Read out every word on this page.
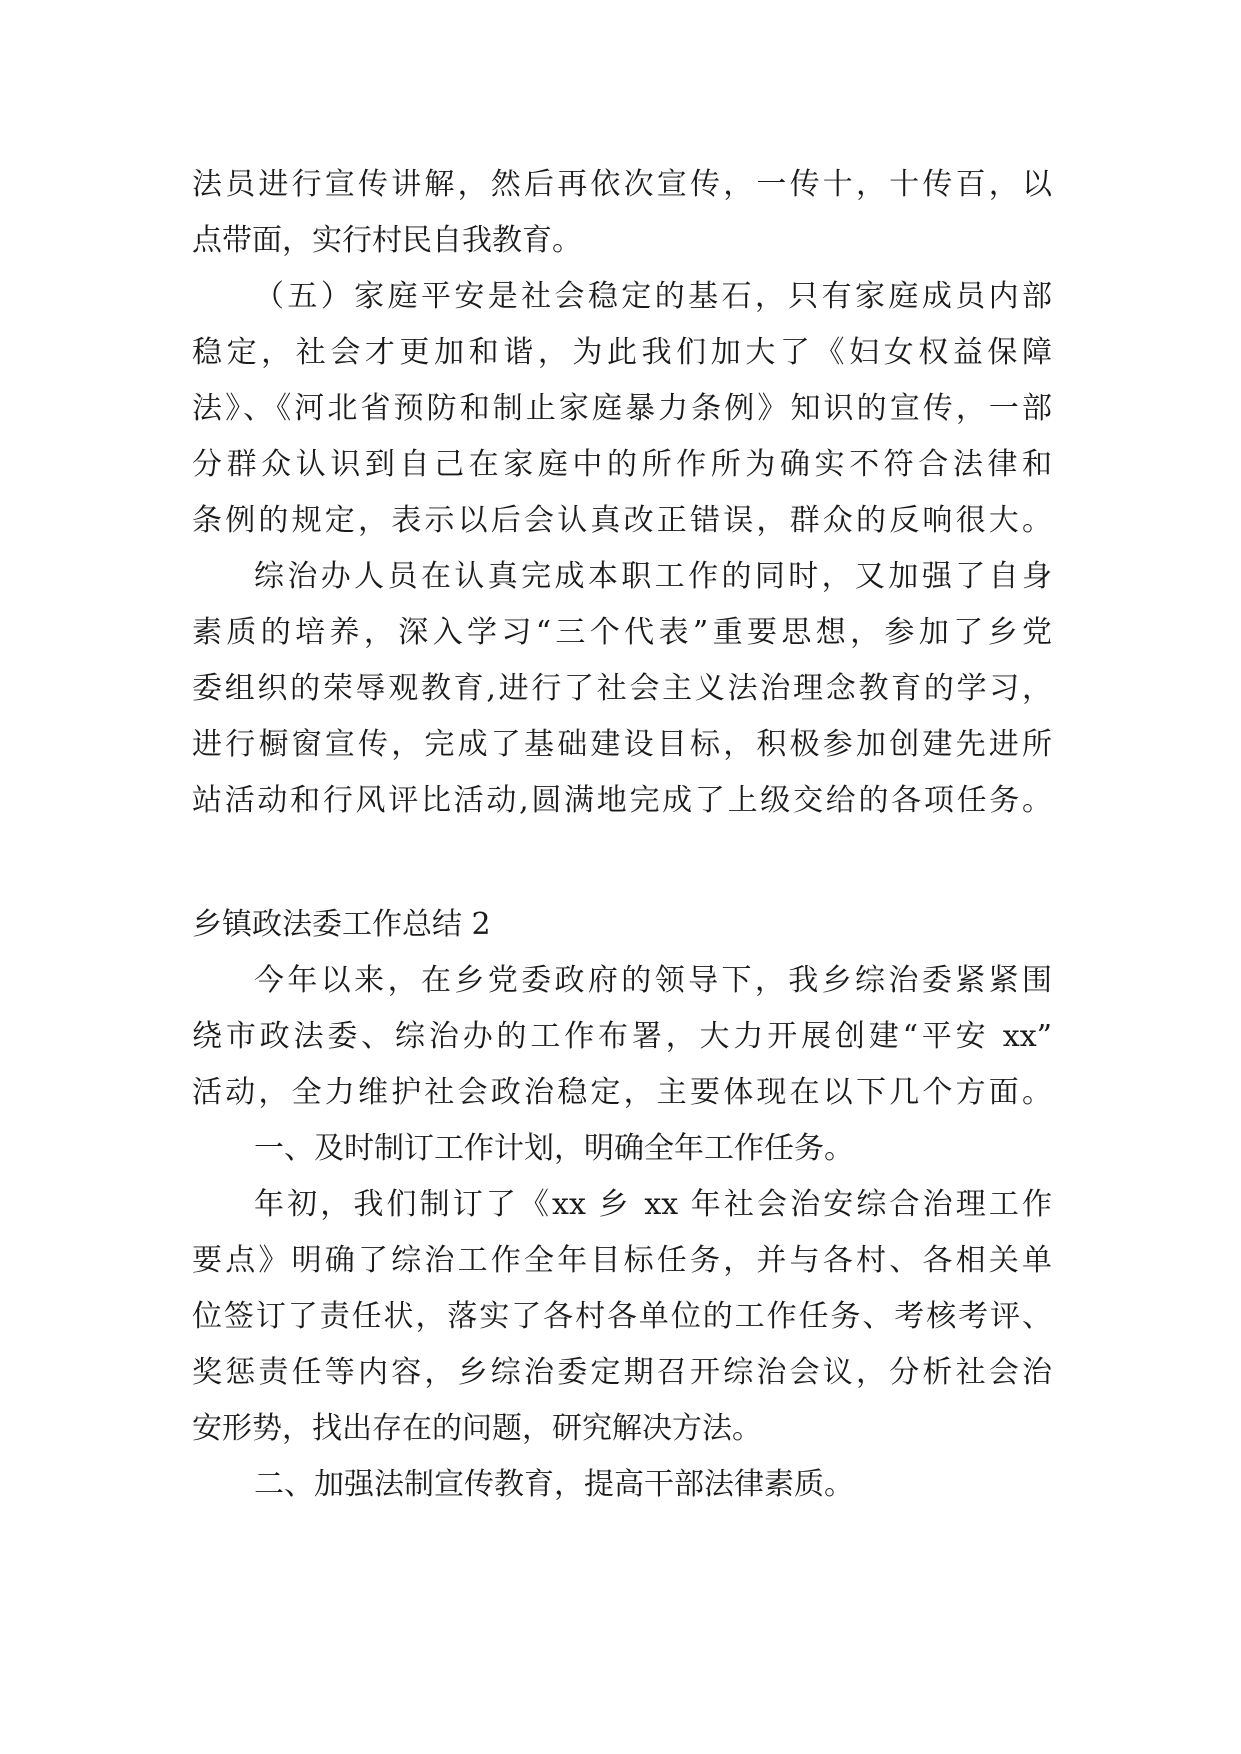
法员进行宣传讲解，然后再依次宣传，一传十，十传百，以
点带面，实行村民自我教育。
（五）家庭平安是社会稳定的基石，只有家庭成员内部
稳定，社会才更加和谐，为此我们加大了《妇女权益保障
法》、《河北省预防和制止家庭暴力条例》知识的宣传，一部
分群众认识到自己在家庭中的所作所为确实不符合法律和
条例的规定，表示以后会认真改正错误，群众的反响很大。
综治办人员在认真完成本职工作的同时，又加强了自身
素质的培养，深入学习“三个代表”重要思想，参加了乡党
委组织的荣辱观教育,进行了社会主义法治理念教育的学习，
进行橱窗宣传，完成了基础建设目标，积极参加创建先进所
站活动和行风评比活动,圆满地完成了上级交给的各项任务。
乡镇政法委工作总结 2
今年以来，在乡党委政府的领导下，我乡综治委紧紧围
绕市政法委、综治办的工作布署，大力开展创建“平安 xx”
活动，全力维护社会政治稳定，主要体现在以下几个方面。
一、及时制订工作计划，明确全年工作任务。
年初，我们制订了《xx 乡 xx 年社会治安综合治理工作
要点》明确了综治工作全年目标任务，并与各村、各相关单
位签订了责任状，落实了各村各单位的工作任务、考核考评、
奖惩责任等内容，乡综治委定期召开综治会议，分析社会治
安形势，找出存在的问题，研究解决方法。
二、加强法制宣传教育，提高干部法律素质。
